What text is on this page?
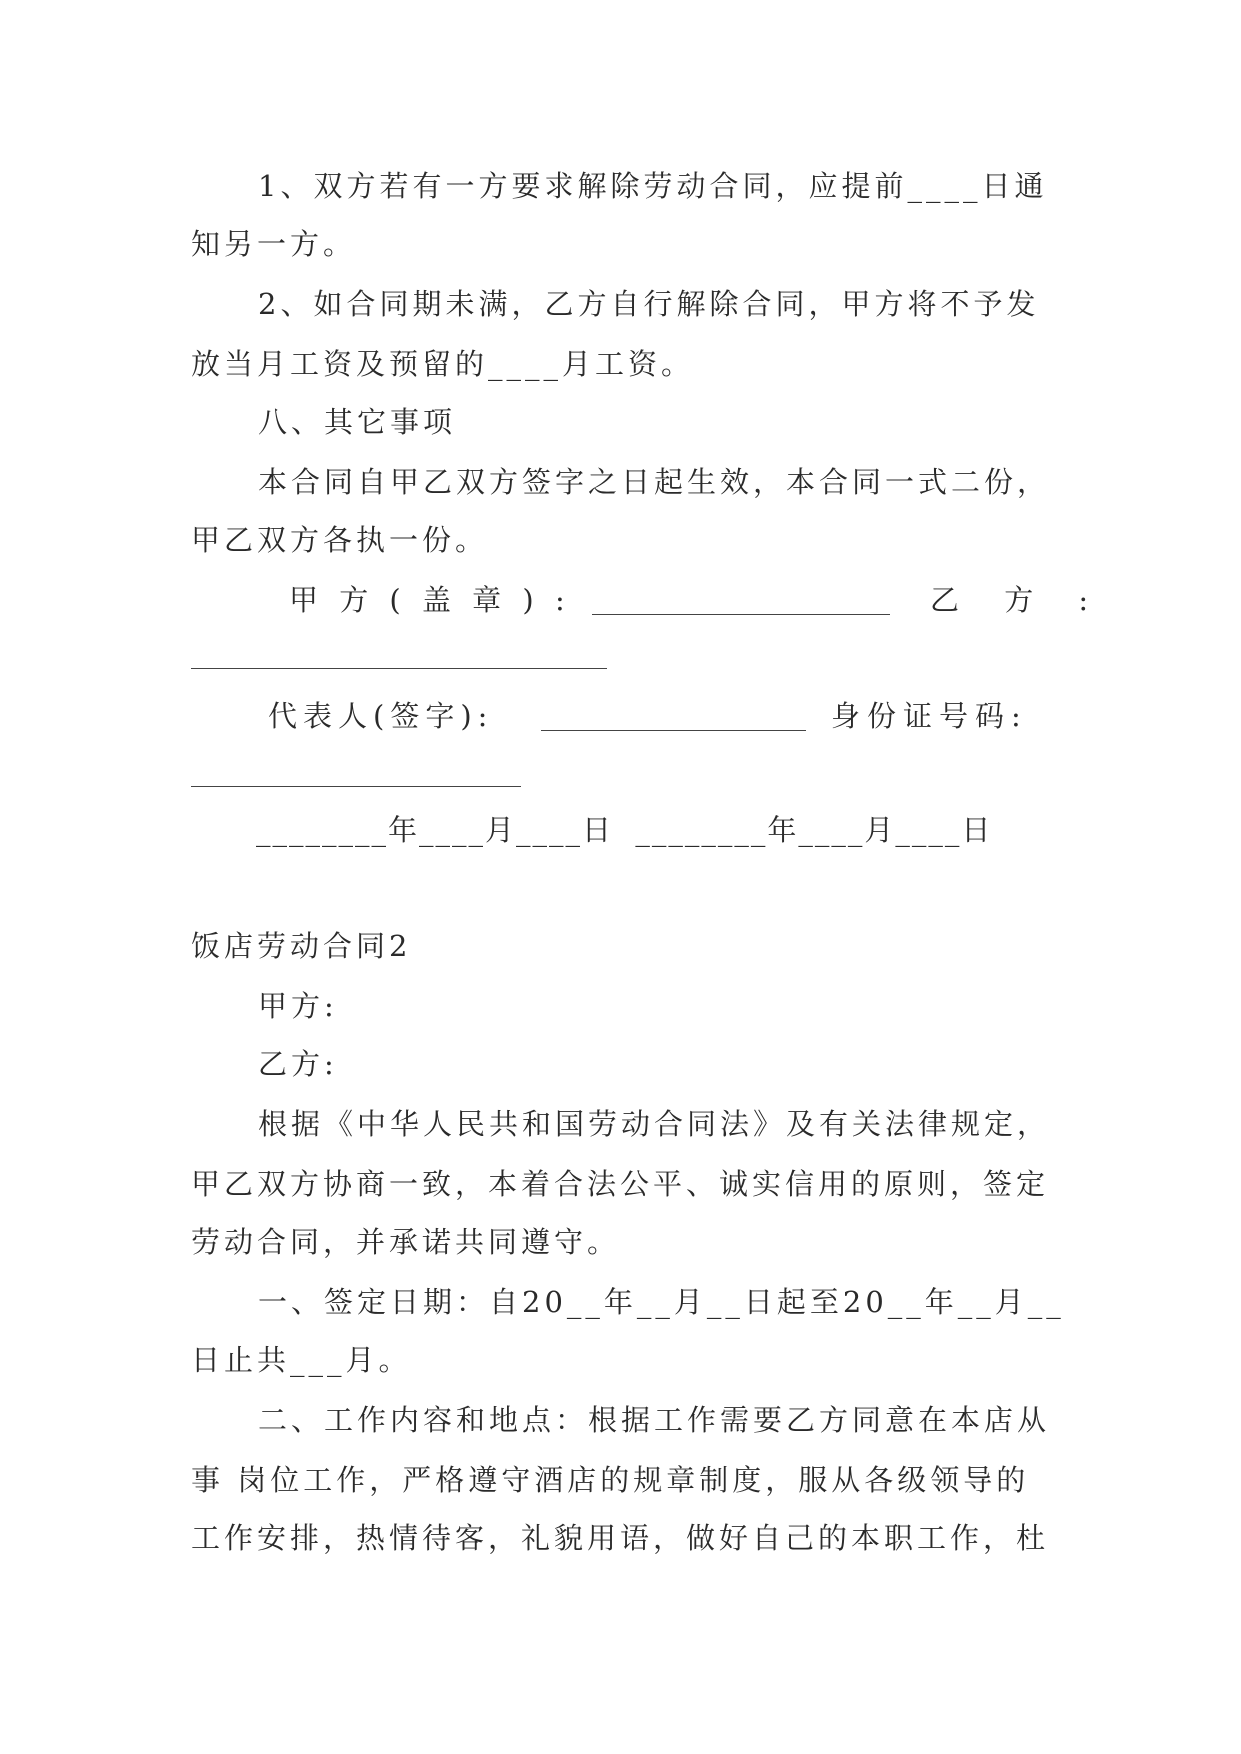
1、双方若有一方要求解除劳动合同，应提前____日通
知另一方。
2、如合同期未满，乙方自行解除合同，甲方将不予发
放当月工资及预留的____月工资。
八、其它事项
本合同自甲乙双方签字之日起生效，本合同一式二份，
甲乙双方各执一份。
甲 方 ( 盖 章 ) :	乙 方 :
代表人(签字):	身份证号码:
________年____月____日  ________年____月____日
饭店劳动合同2
甲方:
乙方:
根据《中华人民共和国劳动合同法》及有关法律规定，
甲乙双方协商一致，本着合法公平、诚实信用的原则，签定
劳动合同，并承诺共同遵守。
一、签定日期：自20__年__月__日起至20__年__月__
日止共___月。
二、工作内容和地点：根据工作需要乙方同意在本店从
事 岗位工作，严格遵守酒店的规章制度，服从各级领导的
工作安排，热情待客，礼貌用语，做好自己的本职工作，杜
